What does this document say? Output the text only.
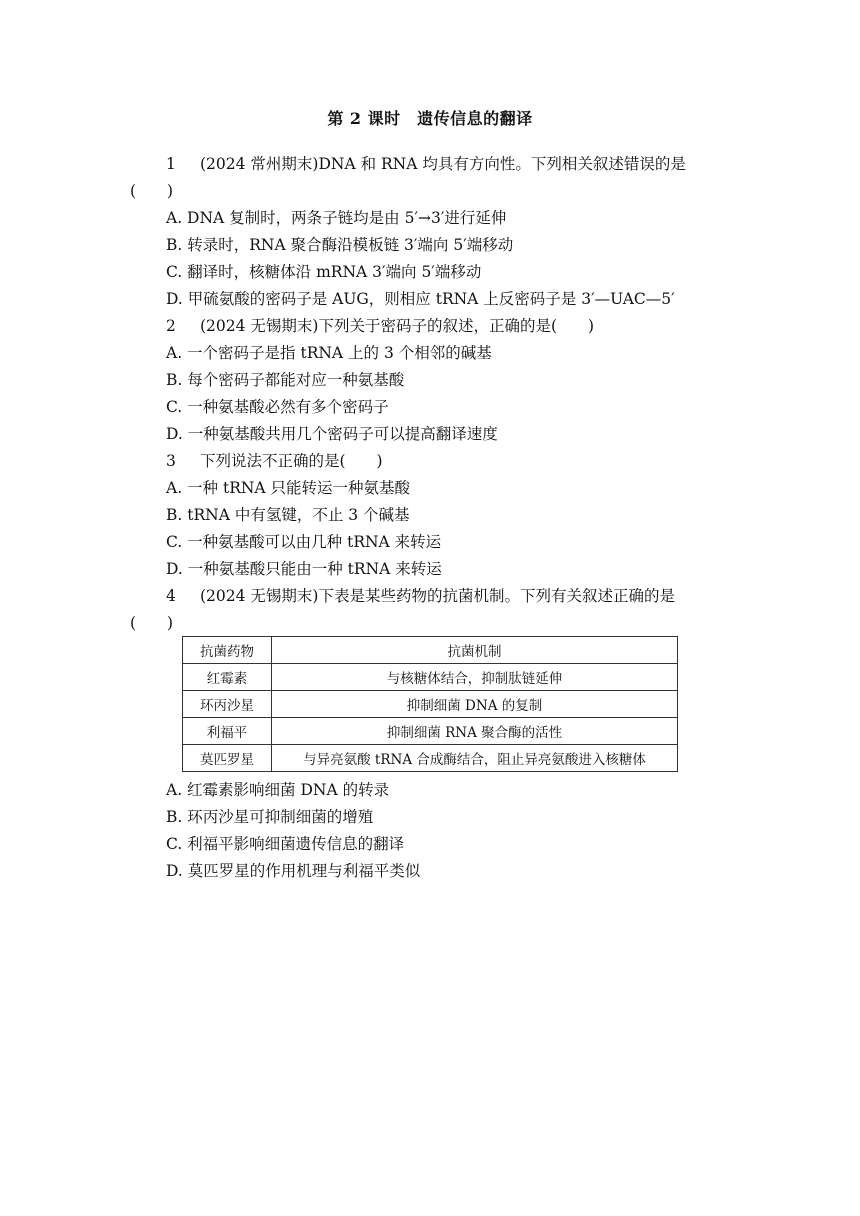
第 2 课时　遗传信息的翻译
1 (2024 常州期末)DNA 和 RNA 均具有方向性。下列相关叙述错误的是
(　　)
A. DNA 复制时，两条子链均是由 5′→3′进行延伸
B. 转录时，RNA 聚合酶沿模板链 3′端向 5′端移动
C. 翻译时，核糖体沿 mRNA 3′端向 5′端移动
D. 甲硫氨酸的密码子是 AUG，则相应 tRNA 上反密码子是 3′—UAC—5′
2 (2024 无锡期末)下列关于密码子的叙述，正确的是(　　)
A. 一个密码子是指 tRNA 上的 3 个相邻的碱基
B. 每个密码子都能对应一种氨基酸
C. 一种氨基酸必然有多个密码子
D. 一种氨基酸共用几个密码子可以提高翻译速度
3 下列说法不正确的是(　　)
A. 一种 tRNA 只能转运一种氨基酸
B. tRNA 中有氢键，不止 3 个碱基
C. 一种氨基酸可以由几种 tRNA 来转运
D. 一种氨基酸只能由一种 tRNA 来转运
4 (2024 无锡期末)下表是某些药物的抗菌机制。下列有关叙述正确的是
(　　)
抗菌药物	抗菌机制
红霉素	与核糖体结合，抑制肽链延伸
环丙沙星	抑制细菌 DNA 的复制
利福平	抑制细菌 RNA 聚合酶的活性
莫匹罗星	与异亮氨酸 tRNA 合成酶结合，阻止异亮氨酸进入核糖体
A. 红霉素影响细菌 DNA 的转录
B. 环丙沙星可抑制细菌的增殖
C. 利福平影响细菌遗传信息的翻译
D. 莫匹罗星的作用机理与利福平类似
